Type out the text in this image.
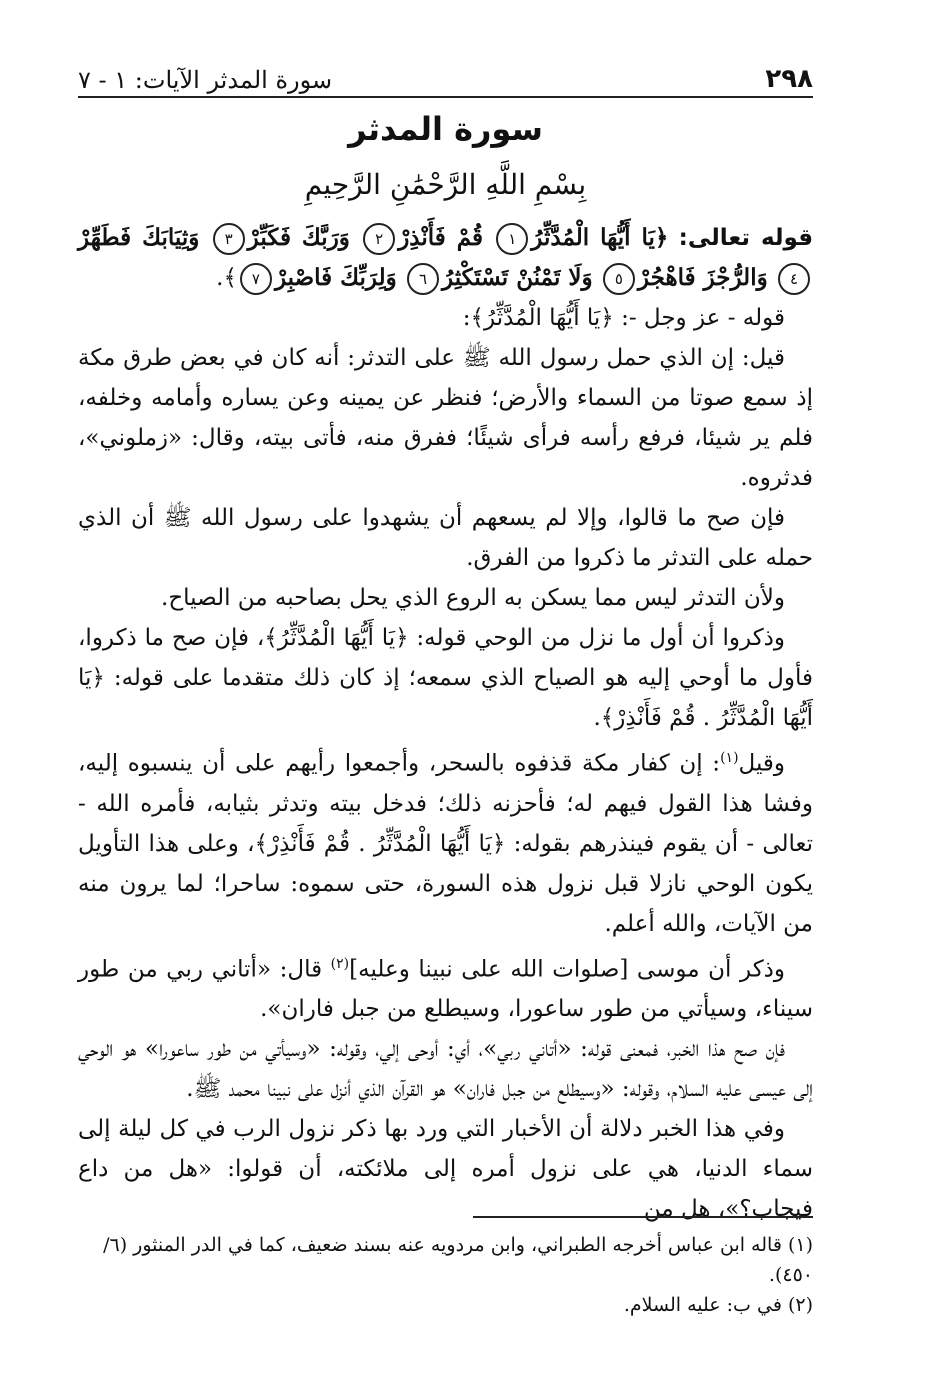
٢٩٨
سورة المدثر الآيات: ١ - ٧
سورة المدثر
بِسْمِ اللَّهِ الرَّحْمَٰنِ الرَّحِيمِ

قوله تعالى: ﴿يَا أَيُّهَا الْمُدَّثِّرُ١ قُمْ فَأَنْذِرْ٢ وَرَبَّكَ فَكَبِّرْ٣ وَثِيَابَكَ فَطَهِّرْ٤ وَالرُّجْزَ فَاهْجُرْ٥ وَلَا تَمْنُنْ تَسْتَكْثِرُ٦ وَلِرَبِّكَ فَاصْبِرْ٧﴾.

قوله - عز وجل -: ﴿يَا أَيُّهَا الْمُدَّثِّرُ﴾:

قيل: إن الذي حمل رسول الله ﷺ على التدثر: أنه كان في بعض طرق مكة إذ سمع صوتا من السماء والأرض؛ فنظر عن يمينه وعن يساره وأمامه وخلفه، فلم ير شيئا، فرفع رأسه فرأى شيئًا؛ ففرق منه، فأتى بيته، وقال: «زملوني»، فدثروه.

فإن صح ما قالوا، وإلا لم يسعهم أن يشهدوا على رسول الله ﷺ أن الذي حمله على التدثر ما ذكروا من الفرق.

ولأن التدثر ليس مما يسكن به الروع الذي يحل بصاحبه من الصياح.

وذكروا أن أول ما نزل من الوحي قوله: ﴿يَا أَيُّهَا الْمُدَّثِّرُ﴾، فإن صح ما ذكروا، فأول ما أوحي إليه هو الصياح الذي سمعه؛ إذ كان ذلك متقدما على قوله: ﴿يَا أَيُّهَا الْمُدَّثِّرُ . قُمْ فَأَنْذِرْ﴾.

وقيل$^{(١)}$: إن كفار مكة قذفوه بالسحر، وأجمعوا رأيهم على أن ينسبوه إليه، وفشا هذا القول فيهم له؛ فأحزنه ذلك؛ فدخل بيته وتدثر بثيابه، فأمره الله - تعالى - أن يقوم فينذرهم بقوله: ﴿يَا أَيُّهَا الْمُدَّثِّرُ . قُمْ فَأَنْذِرْ﴾، وعلى هذا التأويل يكون الوحي نازلا قبل نزول هذه السورة، حتى سموه: ساحرا؛ لما يرون منه من الآيات، والله أعلم.

وذكر أن موسى [صلوات الله على نبينا وعليه]$^{(٢)}$ قال: «أتاني ربي من طور سيناء، وسيأتي من طور ساعورا، وسيطلع من جبل فاران».

فإن صح هذا الخبر، فمعنى قوله: «أتاني ربي»، أي: أوحى إلي، وقوله: «وسيأتي من طور ساعورا» هو الوحي إلى عيسى عليه السلام، وقوله: «وسيطلع من جبل فاران» هو القرآن الذي أنزل على نبينا محمد ﷺ.

وفي هذا الخبر دلالة أن الأخبار التي ورد بها ذكر نزول الرب في كل ليلة إلى سماء الدنيا، هي على نزول أمره إلى ملائكته، أن قولوا: «هل من داع فيجاب؟»، هل من

(١) قاله ابن عباس أخرجه الطبراني، وابن مردويه عنه بسند ضعيف، كما في الدر المنثور (٦/ ٤٥٠).

(٢) في ب: عليه السلام.
